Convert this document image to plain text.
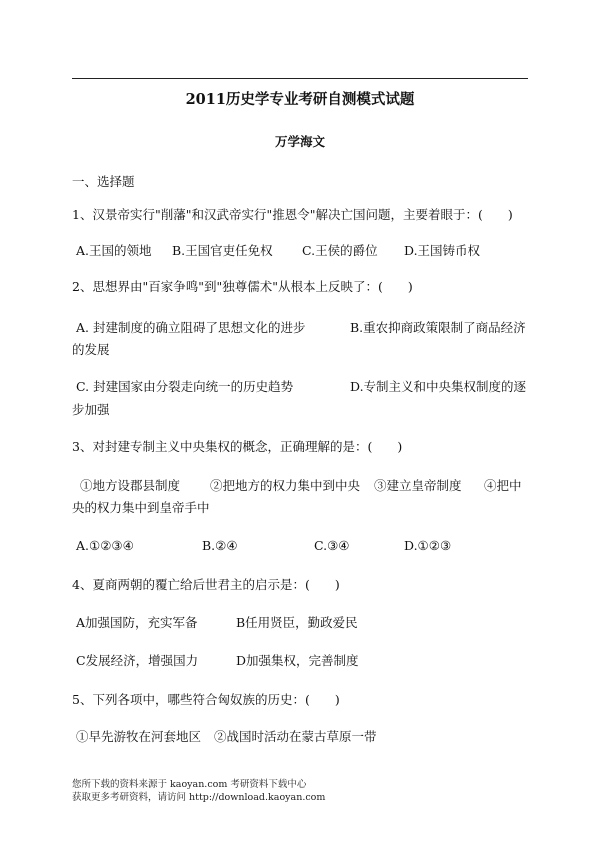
2011历史学专业考研自测模式试题
万学海文
一、选择题
1、汉景帝实行"削藩"和汉武帝实行"推恩令"解决亡国问题，主要着眼于：(　　)
A.王国的领地 B.王国官吏任免权 C.王侯的爵位 D.王国铸币权
2、思想界由"百家争鸣"到"独尊儒术"从根本上反映了：(　　)
A. 封建制度的确立阻碍了思想文化的进步	B.重农抑商政策限制了商品经济
的发展
C. 封建国家由分裂走向统一的历史趋势	D.专制主义和中央集权制度的逐
步加强
3、对封建专制主义中央集权的概念，正确理解的是：(　　)
①地方设郡县制度 ②把地方的权力集中到中央 ③建立皇帝制度 ④把中
央的权力集中到皇帝手中
A.①②③④	B.②④	C.③④	D.①②③
4、夏商两朝的覆亡给后世君主的启示是：(　　)
A加强国防，充实军备	B任用贤臣，勤政爱民
C发展经济，增强国力	D加强集权，完善制度
5、下列各项中，哪些符合匈奴族的历史：(　　)
①早先游牧在河套地区 ②战国时活动在蒙古草原一带
您所下载的资料来源于 kaoyan.com 考研资料下载中心
获取更多考研资料，请访问 http://download.kaoyan.com
